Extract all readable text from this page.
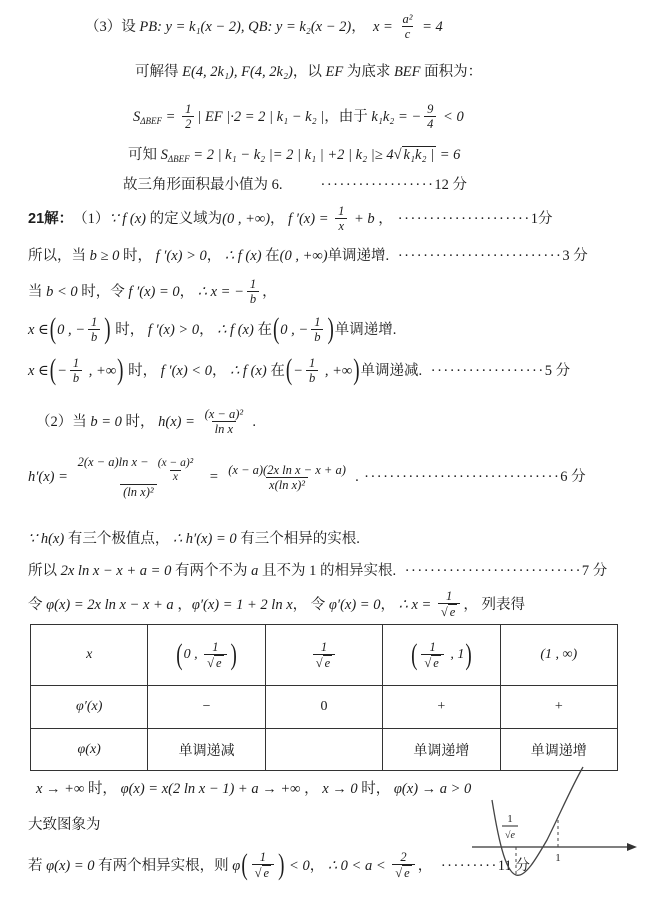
（3）设 PB: y = k₁(x − 2), QB: y = k₂(x − 2) ， $x = \frac{\text{a²}}{c} = 4$

可解得 E(4, 2k₁), F(4, 2k₂) ，以 EF 为底求 BEF 面积为：

S $\Delta BEF = \frac{1}{2}$ | EF |·2 = 2 | k₁ − k₂ | ，由于 k₁k₂ = − $\frac{9}{4} < 0$

可知 S ΔBEF = 2 | k₁ − k₂ |= 2 | k₁ | +2 | k₂ |≥ 4 √ k₁k₂ | = 6

故三角形面积最小值为 6.	·················· 12 分

21解： （1） ∵ f (x) 的定义域为 (0 , +∞) ， f $'(x) = \frac{1}{x} + b$ ， ····················· 1分

所以，当 b ≥ 0 时， f ′(x) > 0 ， ∴ f (x) 在 (0 , +∞) 单调递增. ·························· 3 分

当 b < 0 时，令 f ′(x) = 0 ， ∴ x = − $\frac{1}{b}$ ，

x ∈ ( 0 , − $\frac{1}{b}$ ) 时， f ′(x) > 0 ， ∴ f (x) 在 ( 0 , − $\frac{1}{b}$ ) 单调递增.

x ∈ ( − $\frac{1}{b}$ , +∞ ) 时， f ′(x) < 0 ， ∴ f (x) 在 ( − $\frac{1}{b}$ , +∞ ) 单调递减. ·················· 5 分

（2）当 b = 0 时， $h(x) = \frac{\text{(x − a)²}}{\text{ln x}}$ .

$h'(x) = \frac{2(x - a)\ln x - \frac{\text{(x − a)²}}{x}}{\text{(ln x)²}} = \frac{\text{(x − a)(2x ln x − x + a)}}{\text{x(ln x)²}}$ . ······························· 6 分

∵ h(x) 有三个极值点， ∴ h′(x) = 0 有三个相异的实根.

所以 2x ln x − x + a = 0 有两个不为 a 且不为 1 的相异实根. ···························· 7 分

令 φ(x) = 2x ln x − x + a ， φ′(x) = 1 + 2 ln x ， 令 φ′(x) = 0 ， ∴ $x = \frac{1}{√ e}$ ， 列表得

x	( 0 , $\frac{1}{√ e}$ )	$\frac{1}{√ e}$	( $\frac{1}{√ e}$ , 1 )	(1 , ∞)

φ′(x)	−	0	+	+

φ(x)	单调递减		单调递增	单调递增

x → +∞ 时， φ(x) = x(2 ln x − 1) + a → +∞ ， x → 0 时， φ(x) → a > 0

大致图象为

若 φ(x) = 0 有两个相异实根，则 φ ( $\frac{1}{√ e}$ ) < 0 ， ∴ $0 < a < \frac{2}{√ e}$ ， ········· 11 分

1
√e
1
